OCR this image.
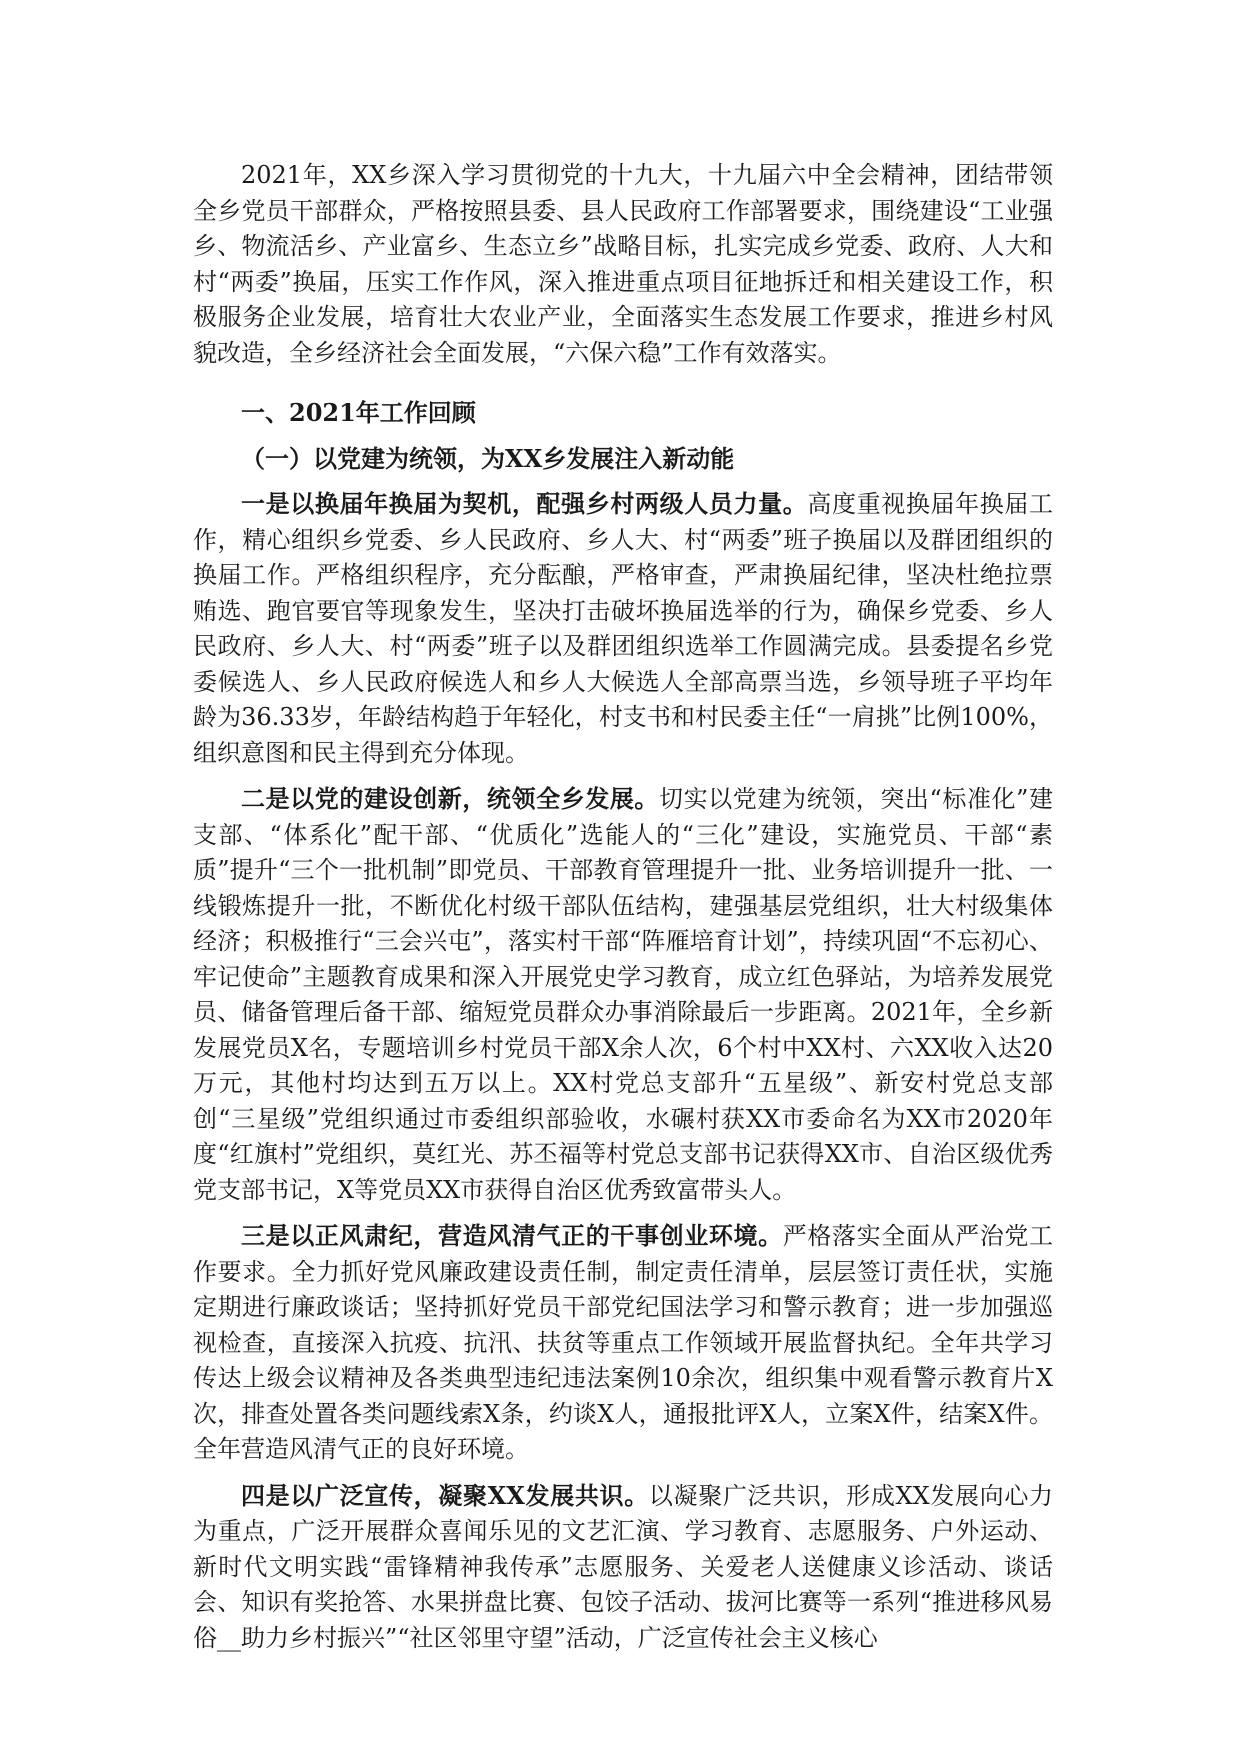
2021年，XX乡深入学习贯彻党的十九大，十九届六中全会精神，团结带领全乡党员干部群众，严格按照县委、县人民政府工作部署要求，围绕建设“工业强乡、物流活乡、产业富乡、生态立乡”战略目标，扎实完成乡党委、政府、人大和村“两委”换届，压实工作作风，深入推进重点项目征地拆迁和相关建设工作，积极服务企业发展，培育壮大农业产业，全面落实生态发展工作要求，推进乡村风貌改造，全乡经济社会全面发展，“六保六稳”工作有效落实。

一、2021年工作回顾
（一）以党建为统领，为XX乡发展注入新动能

一是以换届年换届为契机，配强乡村两级人员力量。高度重视换届年换届工作，精心组织乡党委、乡人民政府、乡人大、村“两委”班子换届以及群团组织的换届工作。严格组织程序，充分酝酿，严格审查，严肃换届纪律，坚决杜绝拉票贿选、跑官要官等现象发生，坚决打击破坏换届选举的行为，确保乡党委、乡人民政府、乡人大、村“两委”班子以及群团组织选举工作圆满完成。县委提名乡党委候选人、乡人民政府候选人和乡人大候选人全部高票当选，乡领导班子平均年龄为36.33岁，年龄结构趋于年轻化，村支书和村民委主任“一肩挑”比例100%，组织意图和民主得到充分体现。

二是以党的建设创新，统领全乡发展。切实以党建为统领，突出“标准化”建支部、“体系化”配干部、“优质化”选能人的“三化”建设，实施党员、干部“素质”提升“三个一批机制”即党员、干部教育管理提升一批、业务培训提升一批、一线锻炼提升一批，不断优化村级干部队伍结构，建强基层党组织，壮大村级集体经济；积极推行“三会兴屯”，落实村干部“阵雁培育计划”，持续巩固“不忘初心、牢记使命”主题教育成果和深入开展党史学习教育，成立红色驿站，为培养发展党员、储备管理后备干部、缩短党员群众办事消除最后一步距离。2021年，全乡新发展党员X名，专题培训乡村党员干部X余人次，6个村中XX村、六XX收入达20万元，其他村均达到五万以上。XX村党总支部升“五星级”、新安村党总支部创“三星级”党组织通过市委组织部验收，水碾村获XX市委命名为XX市2020年度“红旗村”党组织，莫红光、苏丕福等村党总支部书记获得XX市、自治区级优秀党支部书记，X等党员XX市获得自治区优秀致富带头人。

三是以正风肃纪，营造风清气正的干事创业环境。严格落实全面从严治党工作要求。全力抓好党风廉政建设责任制，制定责任清单，层层签订责任状，实施定期进行廉政谈话；坚持抓好党员干部党纪国法学习和警示教育；进一步加强巡视检查，直接深入抗疫、抗汛、扶贫等重点工作领域开展监督执纪。全年共学习传达上级会议精神及各类典型违纪违法案例10余次，组织集中观看警示教育片X次，排查处置各类问题线索X条，约谈X人，通报批评X人，立案X件，结案X件。全年营造风清气正的良好环境。

四是以广泛宣传，凝聚XX发展共识。以凝聚广泛共识，形成XX发展向心力为重点，广泛开展群众喜闻乐见的文艺汇演、学习教育、志愿服务、户外运动、新时代文明实践“雷锋精神我传承”志愿服务、关爱老人送健康义诊活动、谈话会、知识有奖抢答、水果拼盘比赛、包饺子活动、拔河比赛等一系列“推进移风易俗__助力乡村振兴”“社区邻里守望”活动，广泛宣传社会主义核心
